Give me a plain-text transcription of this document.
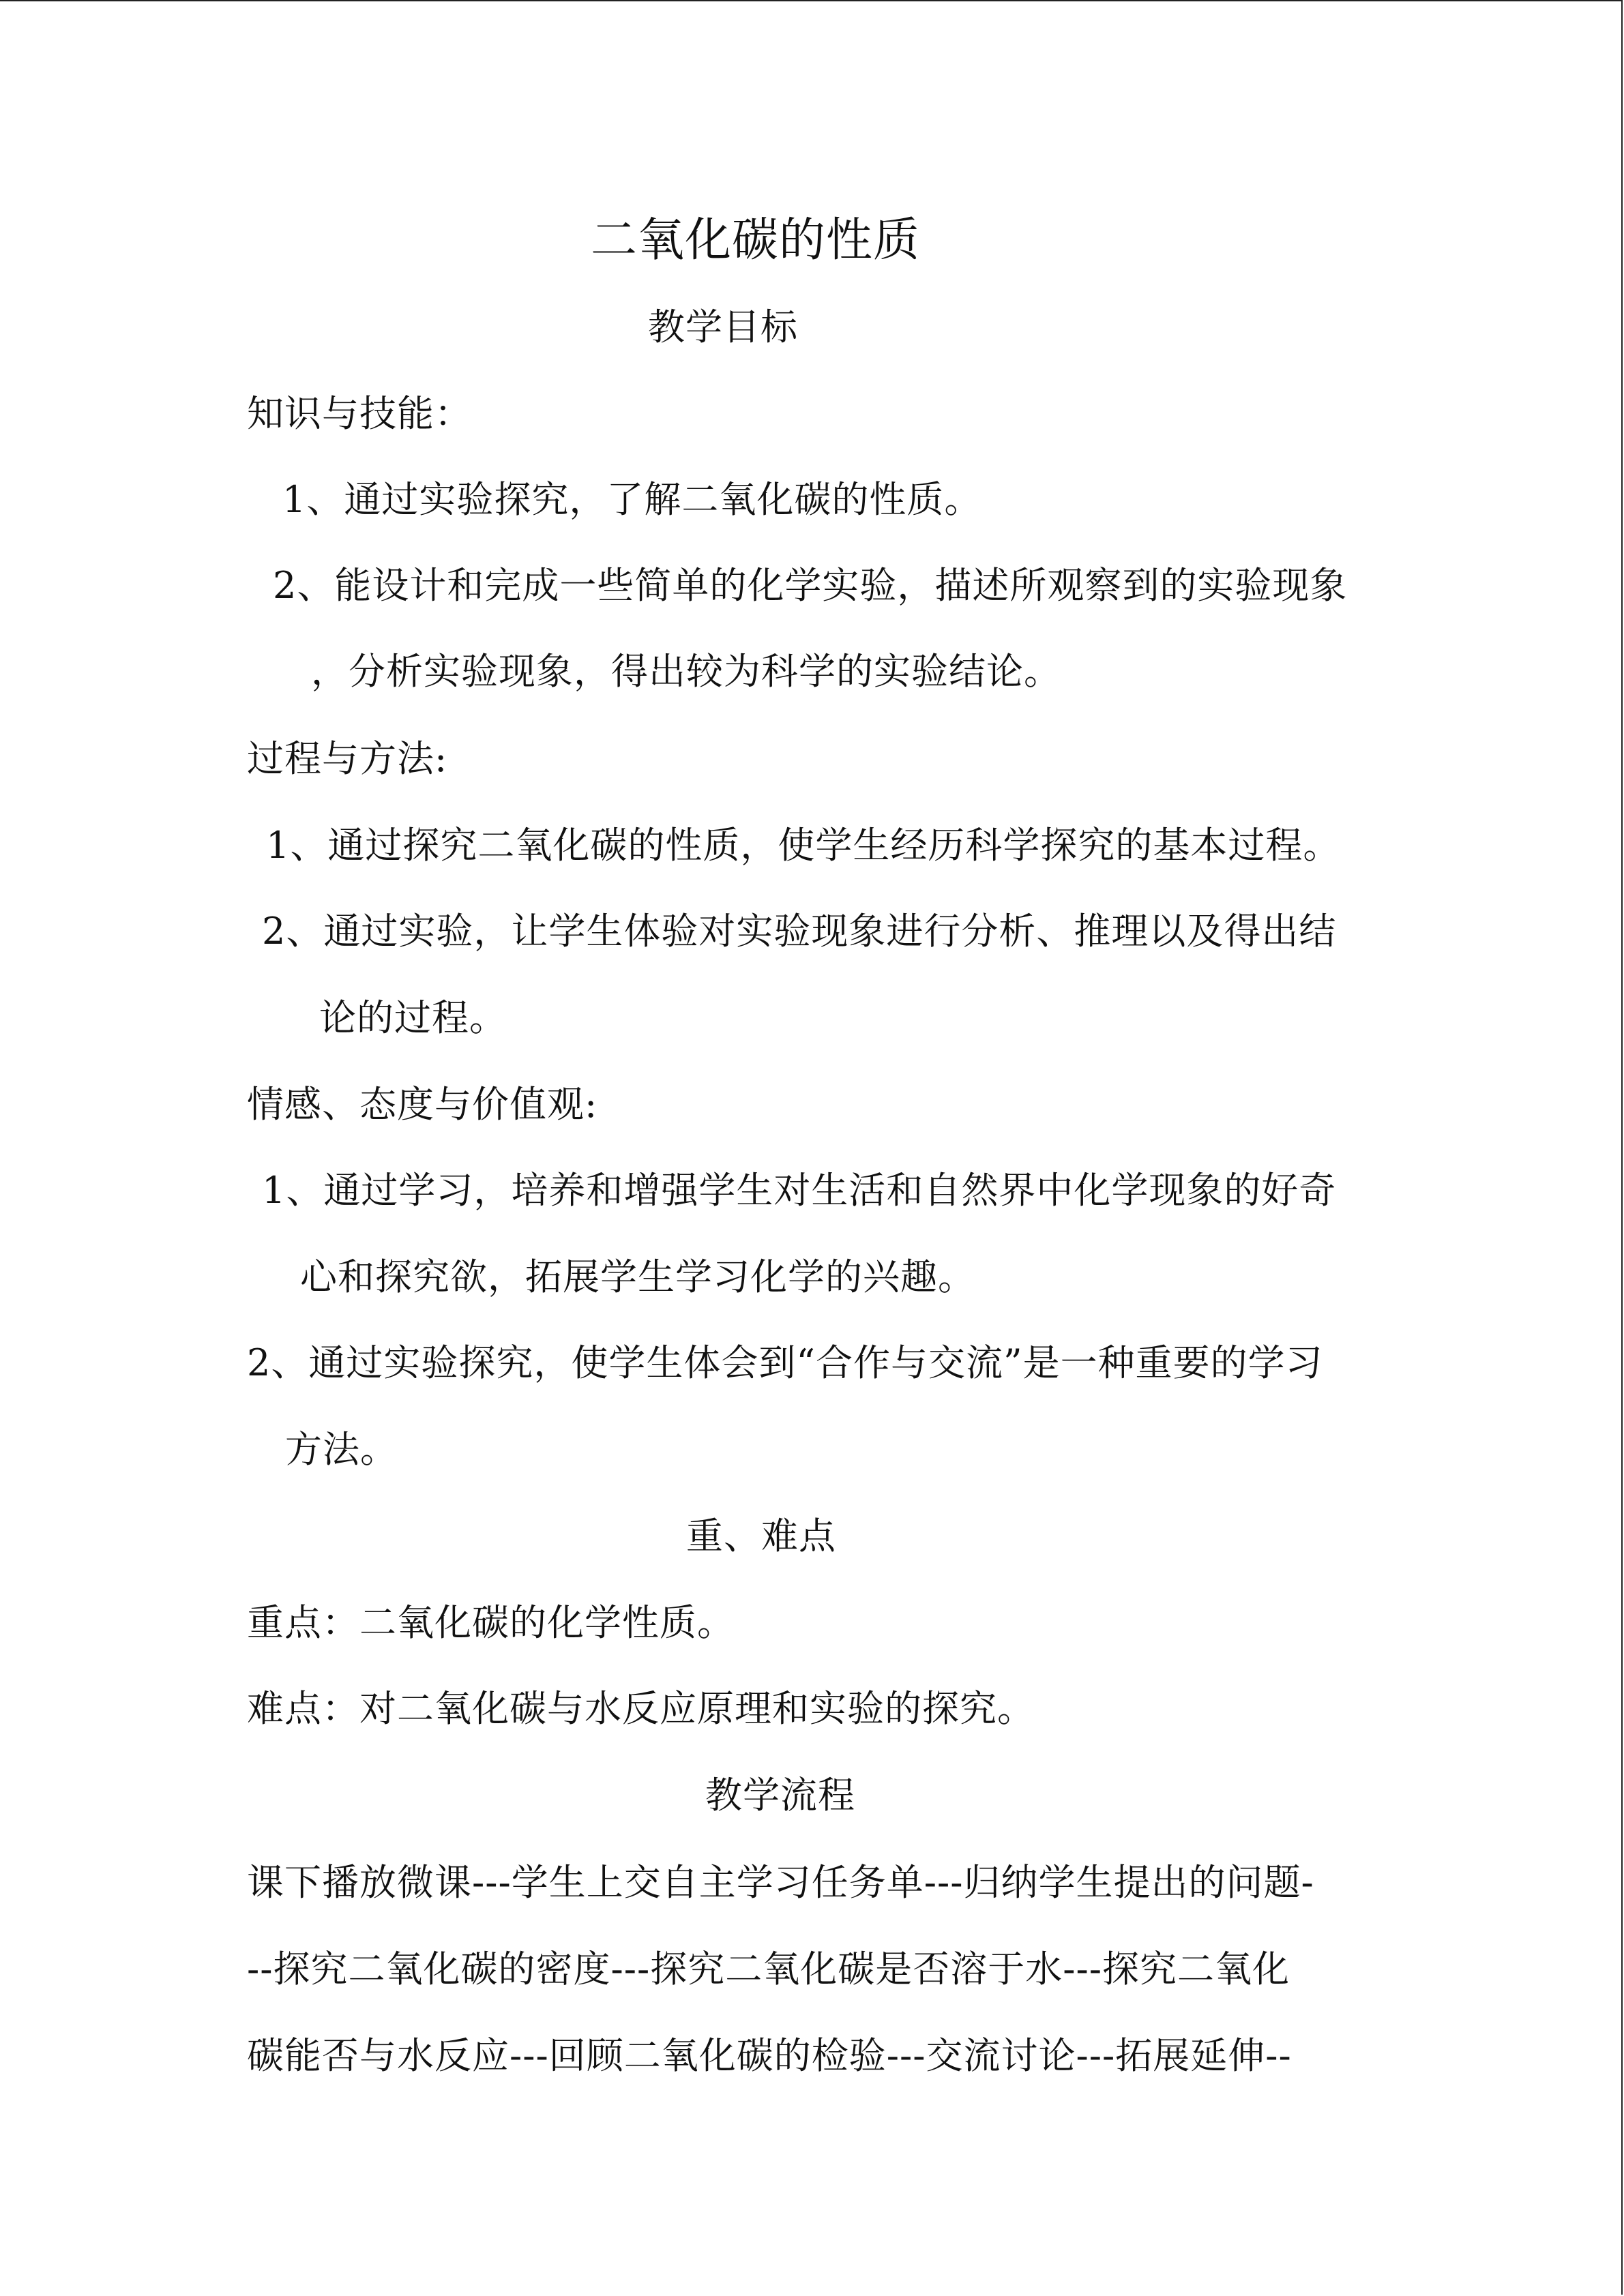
二氧化碳的性质
教学目标
知识与技能：
1、通过实验探究，了解二氧化碳的性质。
2、能设计和完成一些简单的化学实验，描述所观察到的实验现象
，分析实验现象，得出较为科学的实验结论。
过程与方法:
1、通过探究二氧化碳的性质，使学生经历科学探究的基本过程。
2、通过实验，让学生体验对实验现象进行分析、推理以及得出结
论的过程。
情感、态度与价值观:
1、通过学习，培养和增强学生对生活和自然界中化学现象的好奇
心和探究欲，拓展学生学习化学的兴趣。
2、通过实验探究，使学生体会到“合作与交流”是一种重要的学习
方法。
重、难点
重点：二氧化碳的化学性质。
难点：对二氧化碳与水反应原理和实验的探究。
教学流程
课下播放微课---学生上交自主学习任务单---归纳学生提出的问题-
--探究二氧化碳的密度---探究二氧化碳是否溶于水---探究二氧化
碳能否与水反应---回顾二氧化碳的检验---交流讨论---拓展延伸--
